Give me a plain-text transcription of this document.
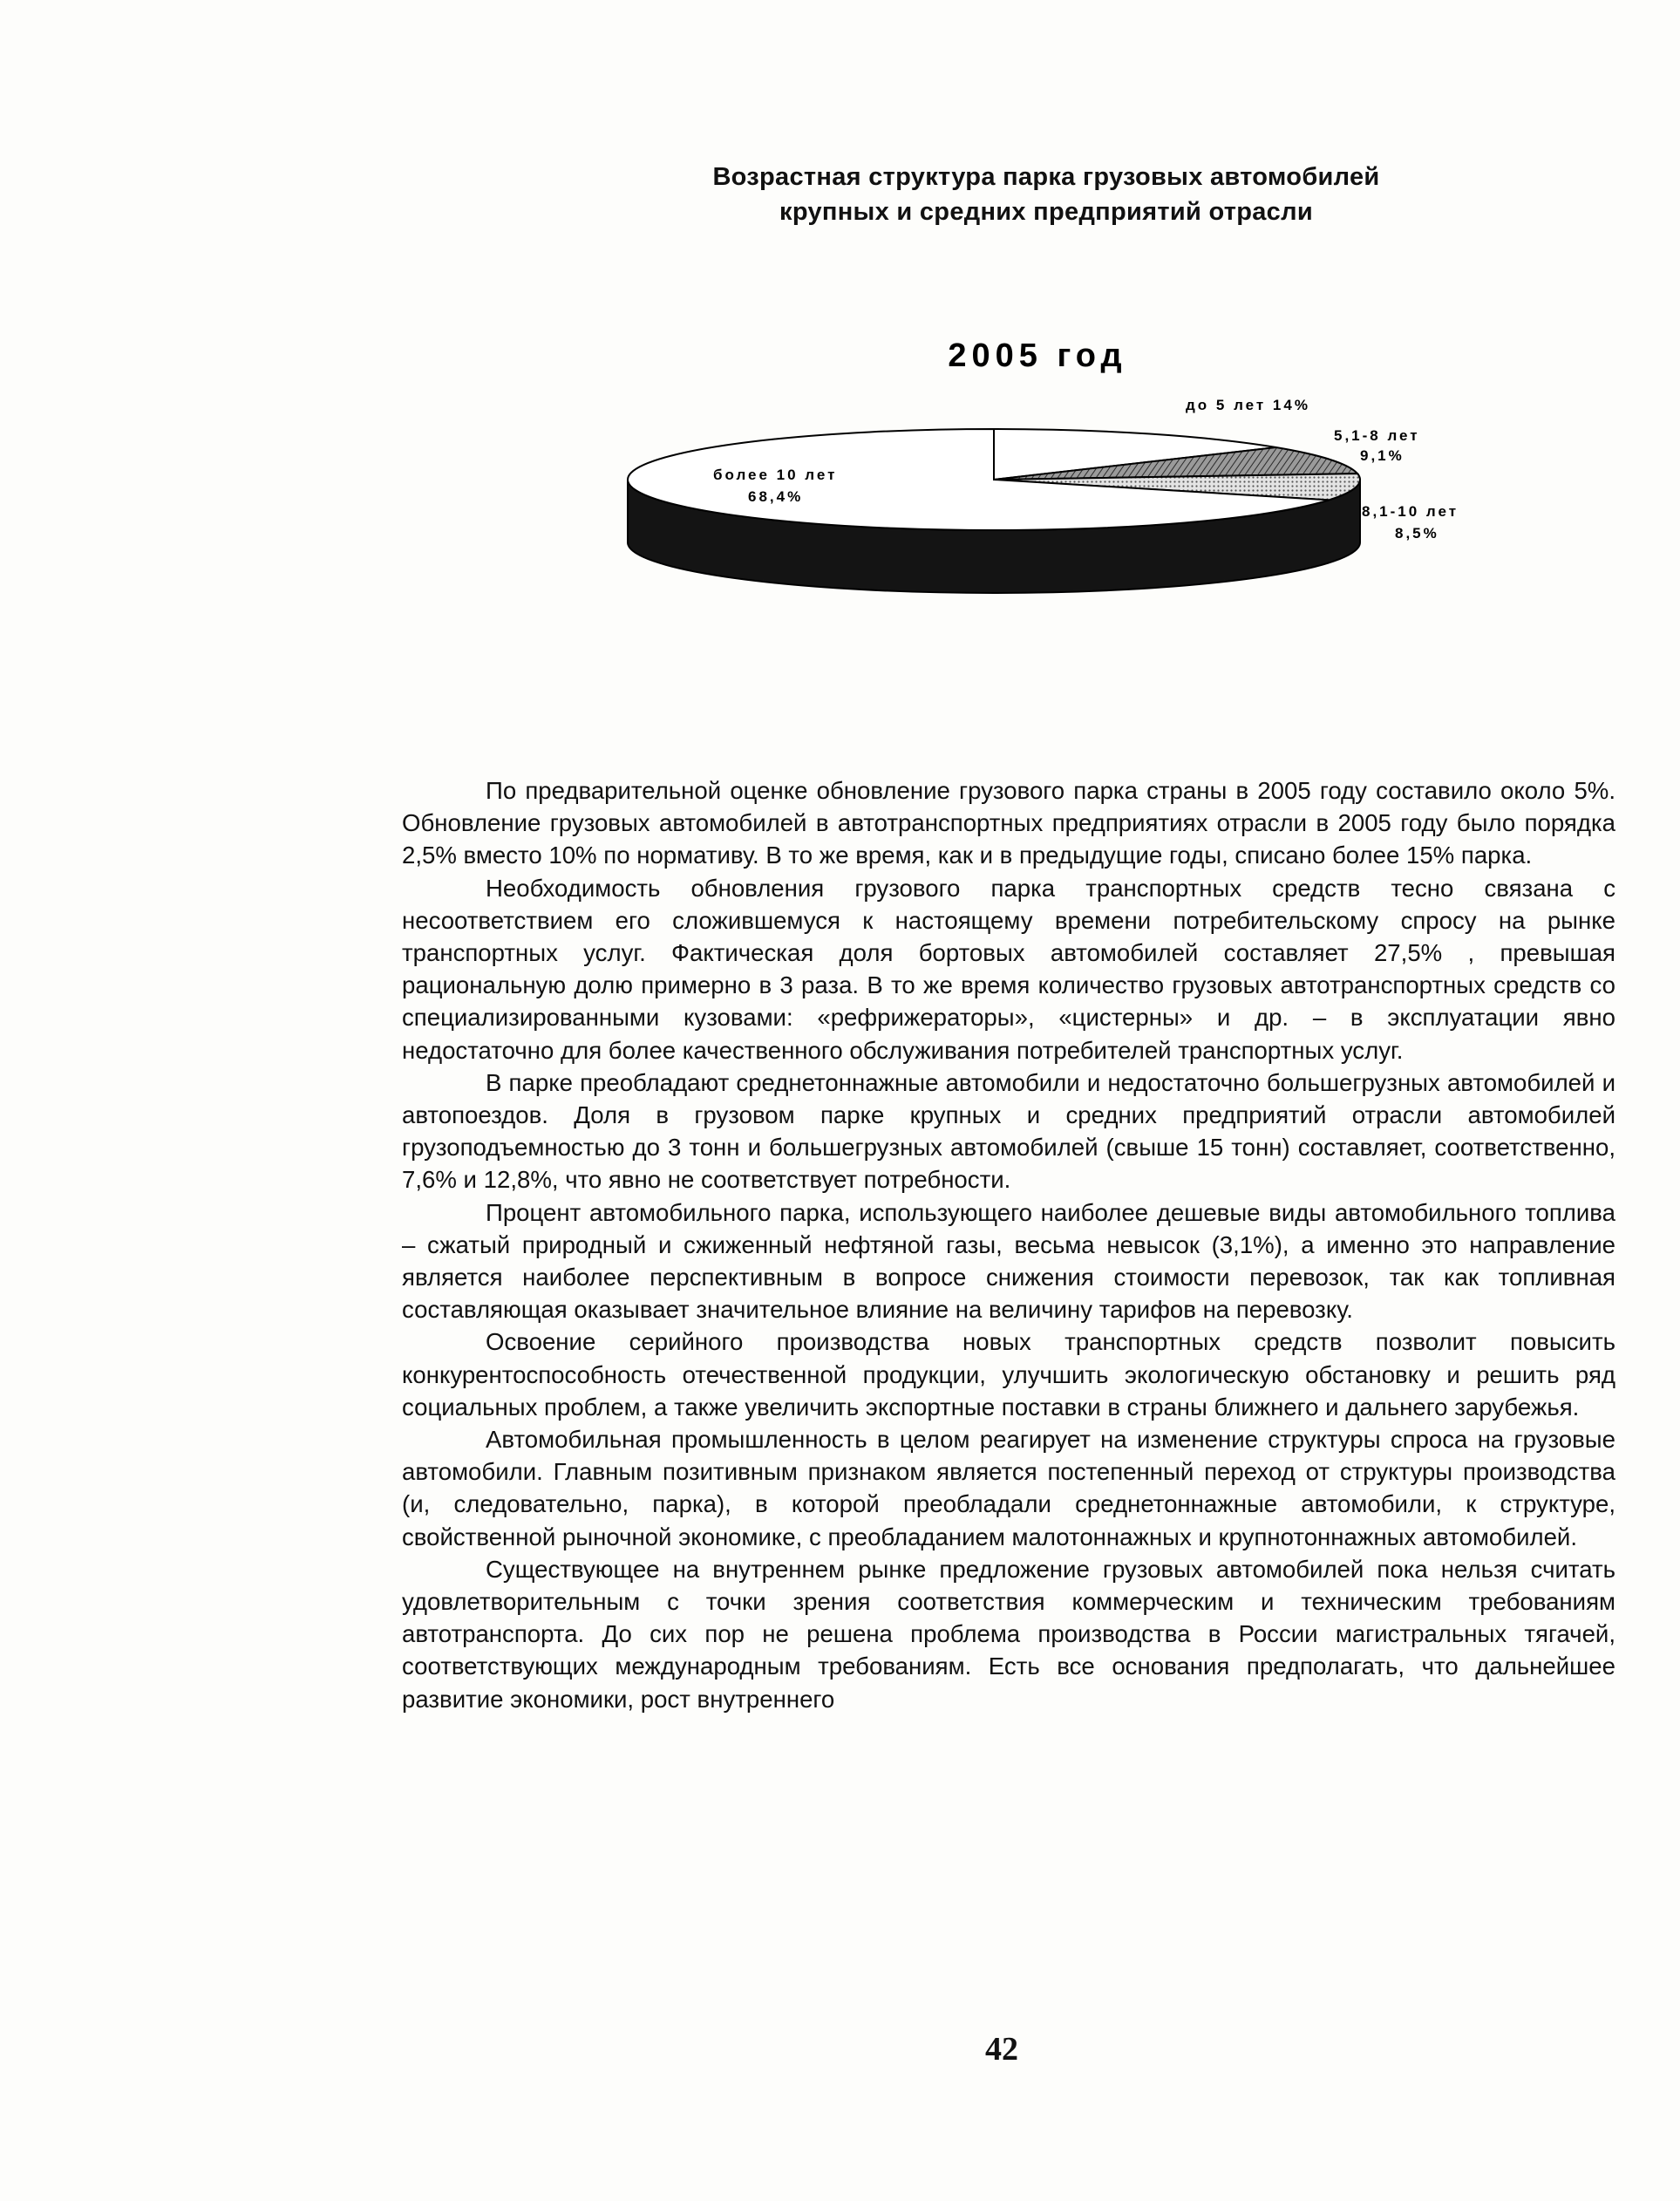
Возрастная структура парка грузовых автомобилей
крупных и средних предприятий отрасли
2005 год
до 5 лет 14%
5,1-8 лет
9,1%
8,1-10 лет
8,5%
более 10 лет
68,4%

По предварительной оценке обновление грузового парка страны в 2005 году составило около 5%. Обновление грузовых автомобилей в автотранспортных предприятиях отрасли в 2005 году было порядка 2,5% вместо 10% по нормативу. В то же время, как и в предыдущие годы, списано более 15% парка.

Необходимость обновления грузового парка транспортных средств тесно связана с несоответствием его сложившемуся к настоящему времени потребительскому спросу на рынке транспортных услуг. Фактическая доля бортовых автомобилей составляет 27,5% , превышая рациональную долю примерно в 3 раза. В то же время количество грузовых автотранспортных средств со специализированными кузовами: «рефрижераторы», «цистерны» и др. – в эксплуатации явно недостаточно для более качественного обслуживания потребителей транспортных услуг.

В парке преобладают среднетоннажные автомобили и недостаточно большегрузных автомобилей и автопоездов. Доля в грузовом парке крупных и средних предприятий отрасли автомобилей грузоподъемностью до 3 тонн и большегрузных автомобилей (свыше 15 тонн) составляет, соответственно, 7,6% и 12,8%, что явно не соответствует потребности.

Процент автомобильного парка, использующего наиболее дешевые виды автомобильного топлива – сжатый природный и сжиженный нефтяной газы, весьма невысок (3,1%), а именно это направление является наиболее перспективным в вопросе снижения стоимости перевозок, так как топливная составляющая оказывает значительное влияние на величину тарифов на перевозку.

Освоение серийного производства новых транспортных средств позволит повысить конкурентоспособность отечественной продукции, улучшить экологическую обстановку и решить ряд социальных проблем, а также увеличить экспортные поставки в страны ближнего и дальнего зарубежья.

Автомобильная промышленность в целом реагирует на изменение структуры спроса на грузовые автомобили. Главным позитивным признаком является постепенный переход от структуры производства (и, следовательно, парка), в которой преобладали среднетоннажные автомобили, к структуре, свойственной рыночной экономике, с преобладанием малотоннажных и крупнотоннажных автомобилей.

Существующее на внутреннем рынке предложение грузовых автомобилей пока нельзя считать удовлетворительным с точки зрения соответствия коммерческим и техническим требованиям автотранспорта. До сих пор не решена проблема производства в России магистральных тягачей, соответствующих международным требованиям. Есть все основания предполагать, что дальнейшее развитие экономики, рост внутреннего

42
